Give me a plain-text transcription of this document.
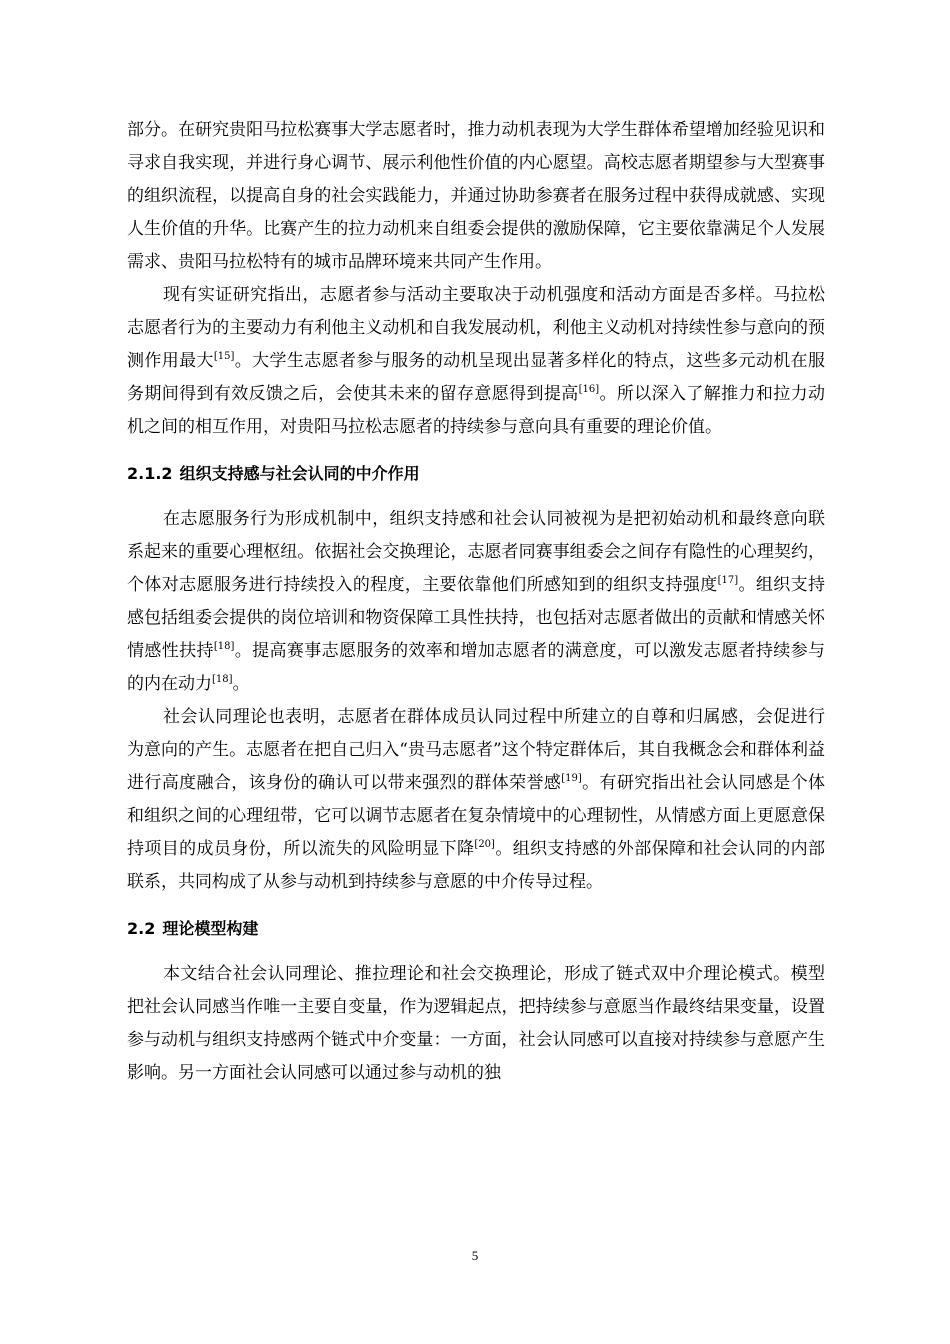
部分。在研究贵阳马拉松赛事大学志愿者时，推力动机表现为大学生群体希望增加经验见识和寻求自我实现，并进行身心调节、展示利他性价值的内心愿望。高校志愿者期望参与大型赛事的组织流程，以提高自身的社会实践能力，并通过协助参赛者在服务过程中获得成就感、实现人生价值的升华。比赛产生的拉力动机来自组委会提供的激励保障，它主要依靠满足个人发展需求、贵阳马拉松特有的城市品牌环境来共同产生作用。

现有实证研究指出，志愿者参与活动主要取决于动机强度和活动方面是否多样。马拉松志愿者行为的主要动力有利他主义动机和自我发展动机，利他主义动机对持续性参与意向的预测作用最大[15]。大学生志愿者参与服务的动机呈现出显著多样化的特点，这些多元动机在服务期间得到有效反馈之后，会使其未来的留存意愿得到提高[16]。所以深入了解推力和拉力动机之间的相互作用，对贵阳马拉松志愿者的持续参与意向具有重要的理论价值。

2.1.2 组织支持感与社会认同的中介作用

在志愿服务行为形成机制中，组织支持感和社会认同被视为是把初始动机和最终意向联系起来的重要心理枢纽。依据社会交换理论，志愿者同赛事组委会之间存有隐性的心理契约，个体对志愿服务进行持续投入的程度，主要依靠他们所感知到的组织支持强度[17]。组织支持感包括组委会提供的岗位培训和物资保障工具性扶持，也包括对志愿者做出的贡献和情感关怀情感性扶持[18]。提高赛事志愿服务的效率和增加志愿者的满意度，可以激发志愿者持续参与的内在动力[18]。

社会认同理论也表明，志愿者在群体成员认同过程中所建立的自尊和归属感，会促进行为意向的产生。志愿者在把自己归入“贵马志愿者”这个特定群体后，其自我概念会和群体利益进行高度融合，该身份的确认可以带来强烈的群体荣誉感[19]。有研究指出社会认同感是个体和组织之间的心理纽带，它可以调节志愿者在复杂情境中的心理韧性，从情感方面上更愿意保持项目的成员身份，所以流失的风险明显下降[20]。组织支持感的外部保障和社会认同的内部联系，共同构成了从参与动机到持续参与意愿的中介传导过程。

2.2 理论模型构建

本文结合社会认同理论、推拉理论和社会交换理论，形成了链式双中介理论模式。模型把社会认同感当作唯一主要自变量，作为逻辑起点，把持续参与意愿当作最终结果变量，设置参与动机与组织支持感两个链式中介变量：一方面，社会认同感可以直接对持续参与意愿产生影响。另一方面社会认同感可以通过参与动机的独

5
